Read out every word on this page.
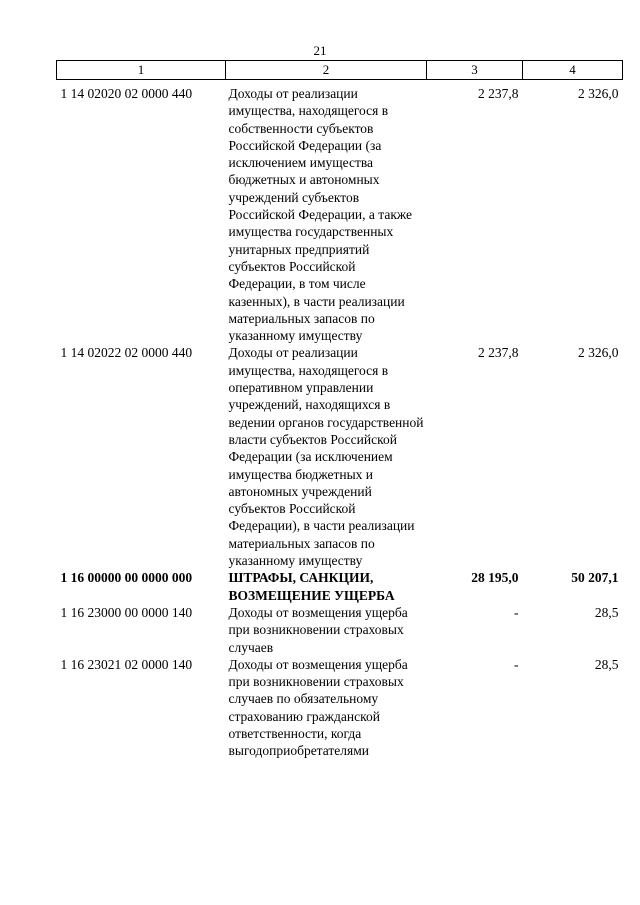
21
1	2	3	4
1 14 02020 02 0000 440	Доходы от реализации имущества, находящегося в собственности субъектов Российской Федерации (за исключением имущества бюджетных и автономных учреждений субъектов Российской Федерации, а также имущества государственных унитарных предприятий субъектов Российской Федерации, в том числе казенных), в части реализации материальных запасов по указанному имуществу	2 237,8	2 326,0
1 14 02022 02 0000 440	Доходы от реализации имущества, находящегося в оперативном управлении учреждений, находящихся в ведении органов государственной власти субъектов Российской Федерации (за исключением имущества бюджетных и автономных учреждений субъектов Российской Федерации), в части реализации материальных запасов по указанному имуществу	2 237,8	2 326,0
1 16 00000 00 0000 000	ШТРАФЫ, САНКЦИИ, ВОЗМЕЩЕНИЕ УЩЕРБА	28 195,0	50 207,1
1 16 23000 00 0000 140	Доходы от возмещения ущерба при возникновении страховых случаев	-	28,5
1 16 23021 02 0000 140	Доходы от возмещения ущерба при возникновении страховых случаев по обязательному страхованию гражданской ответственности, когда выгодоприобретателями	-	28,5
